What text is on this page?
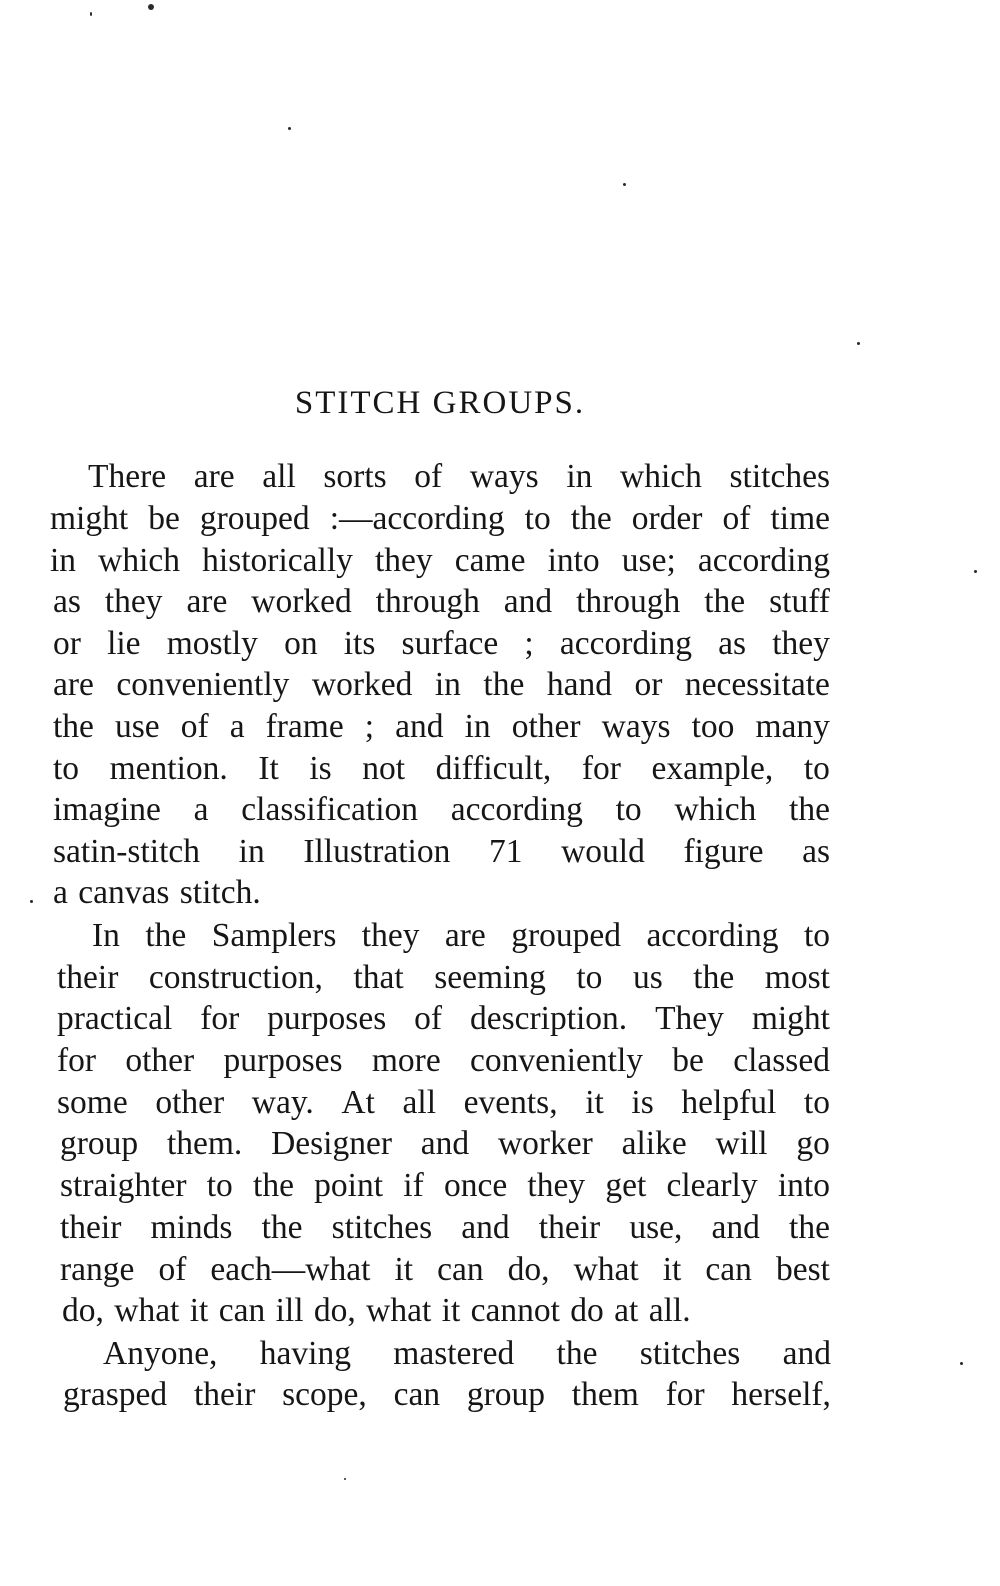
STITCH GROUPS.
There are all sorts of ways in which stitches
might be grouped :—according to the order of time
in which historically they came into use; according
as they are worked through and through the stuff
or lie mostly on its surface ; according as they
are conveniently worked in the hand or necessitate
the use of a frame ; and in other ways too many
to mention. It is not difficult, for example, to
imagine a classification according to which the
satin-stitch in Illustration 71 would figure as
a canvas stitch.
In the Samplers they are grouped according to
their construction, that seeming to us the most
practical for purposes of description. They might
for other purposes more conveniently be classed
some other way. At all events, it is helpful to
group them. Designer and worker alike will go
straighter to the point if once they get clearly into
their minds the stitches and their use, and the
range of each—what it can do, what it can best
do, what it can ill do, what it cannot do at all.
Anyone, having mastered the stitches and
grasped their scope, can group them for herself,
